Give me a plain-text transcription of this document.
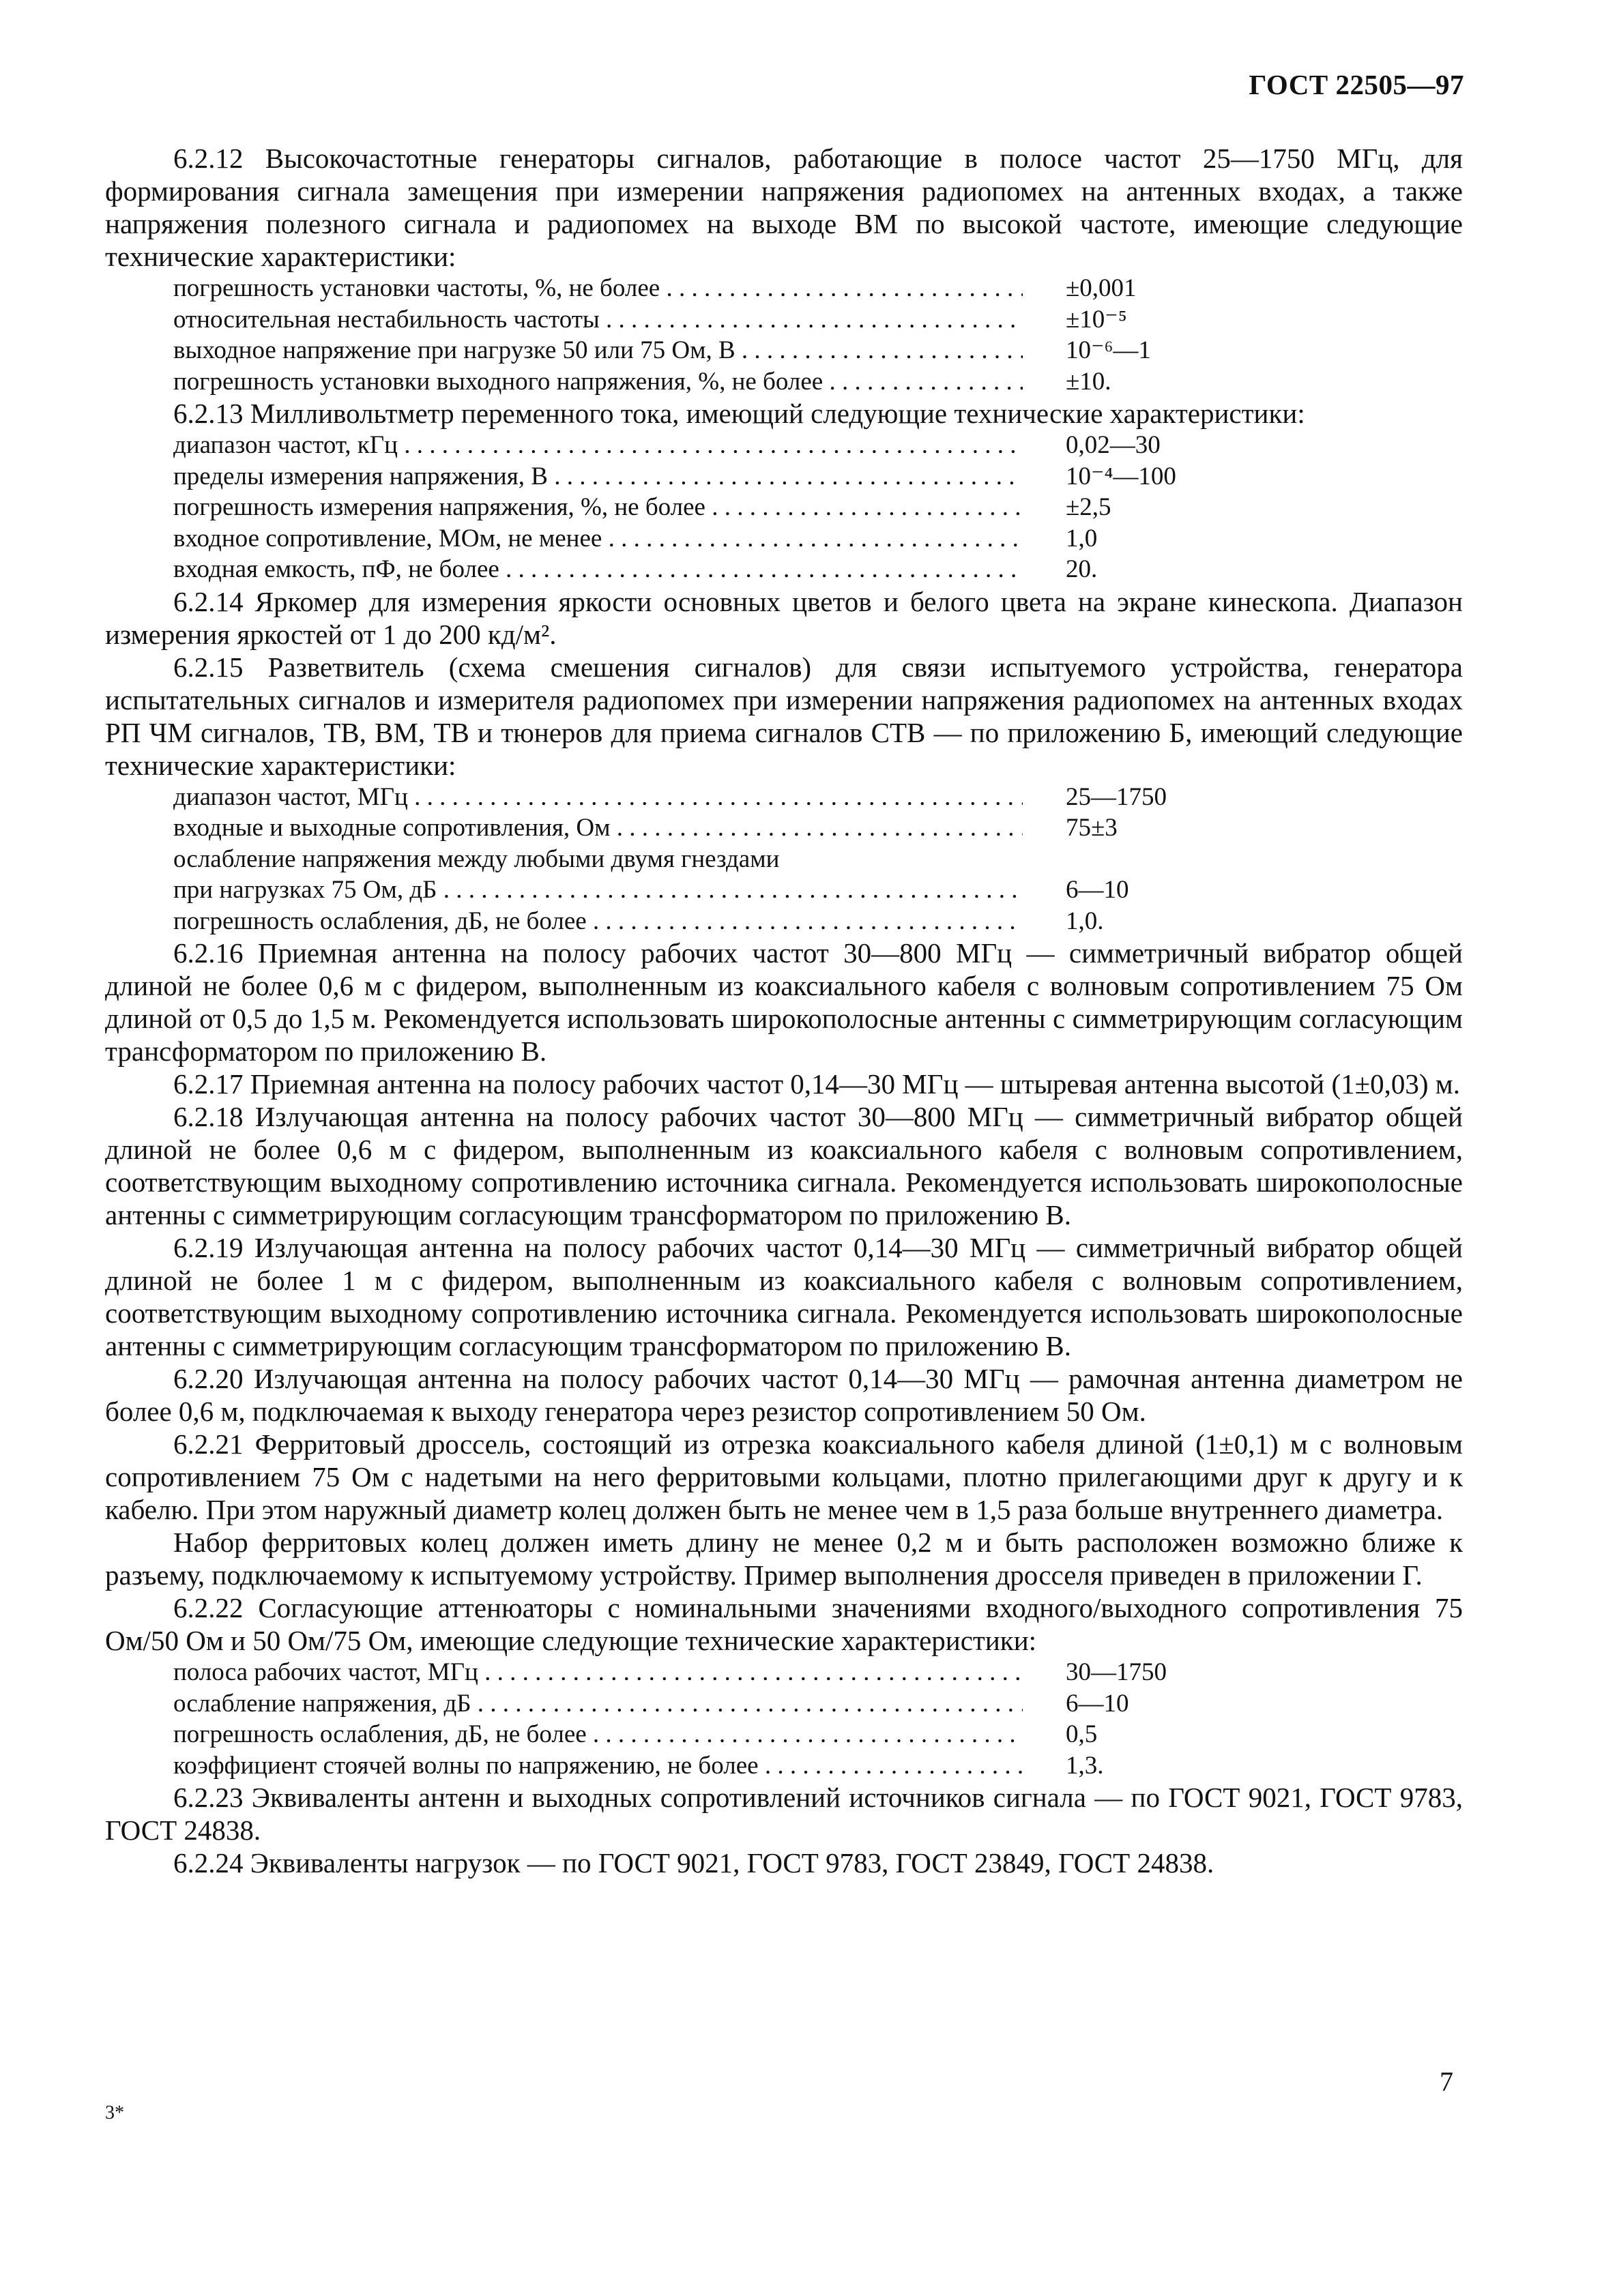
ГОСТ 22505—97

6.2.12 Высокочастотные генераторы сигналов, работающие в полосе частот 25—1750 МГц, для формирования сигнала замещения при измерении напряжения радиопомех на антенных входах, а также напряжения полезного сигнала и радиопомех на выходе ВМ по высокой частоте, имеющие следующие технические характеристики:

погрешность установки частоты, %, не более . . .	±0,001
относительная нестабильность частоты . . .	±10⁻⁵
выходное напряжение при нагрузке 50 или 75 Ом, В . . .	10⁻⁶—1
погрешность установки выходного напряжения, %, не более . . .	±10.

6.2.13 Милливольтметр переменного тока, имеющий следующие технические характеристики:

диапазон частот, кГц . . .	0,02—30
пределы измерения напряжения, В . . .	10⁻⁴—100
погрешность измерения напряжения, %, не более . . .	±2,5
входное сопротивление, МОм, не менее . . .	1,0
входная емкость, пФ, не более . . .	20.

6.2.14 Яркомер для измерения яркости основных цветов и белого цвета на экране кинескопа. Диапазон измерения яркостей от 1 до 200 кд/м².

6.2.15 Разветвитель (схема смешения сигналов) для связи испытуемого устройства, генератора испытательных сигналов и измерителя радиопомех при измерении напряжения радиопомех на антенных входах РП ЧМ сигналов, ТВ, ВМ, ТВ и тюнеров для приема сигналов СТВ — по приложению Б, имеющий следующие технические характеристики:

диапазон частот, МГц . . .	25—1750
входные и выходные сопротивления, Ом . . .	75±3
ослабление напряжения между любыми двумя гнездами
при нагрузках 75 Ом, дБ . . .	6—10
погрешность ослабления, дБ, не более . . .	1,0.

6.2.16 Приемная антенна на полосу рабочих частот 30—800 МГц — симметричный вибратор общей длиной не более 0,6 м с фидером, выполненным из коаксиального кабеля с волновым сопротивлением 75 Ом длиной от 0,5 до 1,5 м. Рекомендуется использовать широкополосные антенны с симметрирующим согласующим трансформатором по приложению В.

6.2.17 Приемная антенна на полосу рабочих частот 0,14—30 МГц — штыревая антенна высотой (1±0,03) м.

6.2.18 Излучающая антенна на полосу рабочих частот 30—800 МГц — симметричный вибратор общей длиной не более 0,6 м с фидером, выполненным из коаксиального кабеля с волновым сопротивлением, соответствующим выходному сопротивлению источника сигнала. Рекомендуется использовать широкополосные антенны с симметрирующим согласующим трансформатором по приложению В.

6.2.19 Излучающая антенна на полосу рабочих частот 0,14—30 МГц — симметричный вибратор общей длиной не более 1 м с фидером, выполненным из коаксиального кабеля с волновым сопротивлением, соответствующим выходному сопротивлению источника сигнала. Рекомендуется использовать широкополосные антенны с симметрирующим согласующим трансформатором по приложению В.

6.2.20 Излучающая антенна на полосу рабочих частот 0,14—30 МГц — рамочная антенна диаметром не более 0,6 м, подключаемая к выходу генератора через резистор сопротивлением 50 Ом.

6.2.21 Ферритовый дроссель, состоящий из отрезка коаксиального кабеля длиной (1±0,1) м с волновым сопротивлением 75 Ом с надетыми на него ферритовыми кольцами, плотно прилегающими друг к другу и к кабелю. При этом наружный диаметр колец должен быть не менее чем в 1,5 раза больше внутреннего диаметра.

Набор ферритовых колец должен иметь длину не менее 0,2 м и быть расположен возможно ближе к разъему, подключаемому к испытуемому устройству. Пример выполнения дросселя приведен в приложении Г.

6.2.22 Согласующие аттенюаторы с номинальными значениями входного/выходного сопротивления 75 Ом/50 Ом и 50 Ом/75 Ом, имеющие следующие технические характеристики:

полоса рабочих частот, МГц . . .	30—1750
ослабление напряжения, дБ . . .	6—10
погрешность ослабления, дБ, не более . . .	0,5
коэффициент стоячей волны по напряжению, не более . . .	1,3.

6.2.23 Эквиваленты антенн и выходных сопротивлений источников сигнала — по ГОСТ 9021, ГОСТ 9783, ГОСТ 24838.

6.2.24 Эквиваленты нагрузок — по ГОСТ 9021, ГОСТ 9783, ГОСТ 23849, ГОСТ 24838.

7
3*
